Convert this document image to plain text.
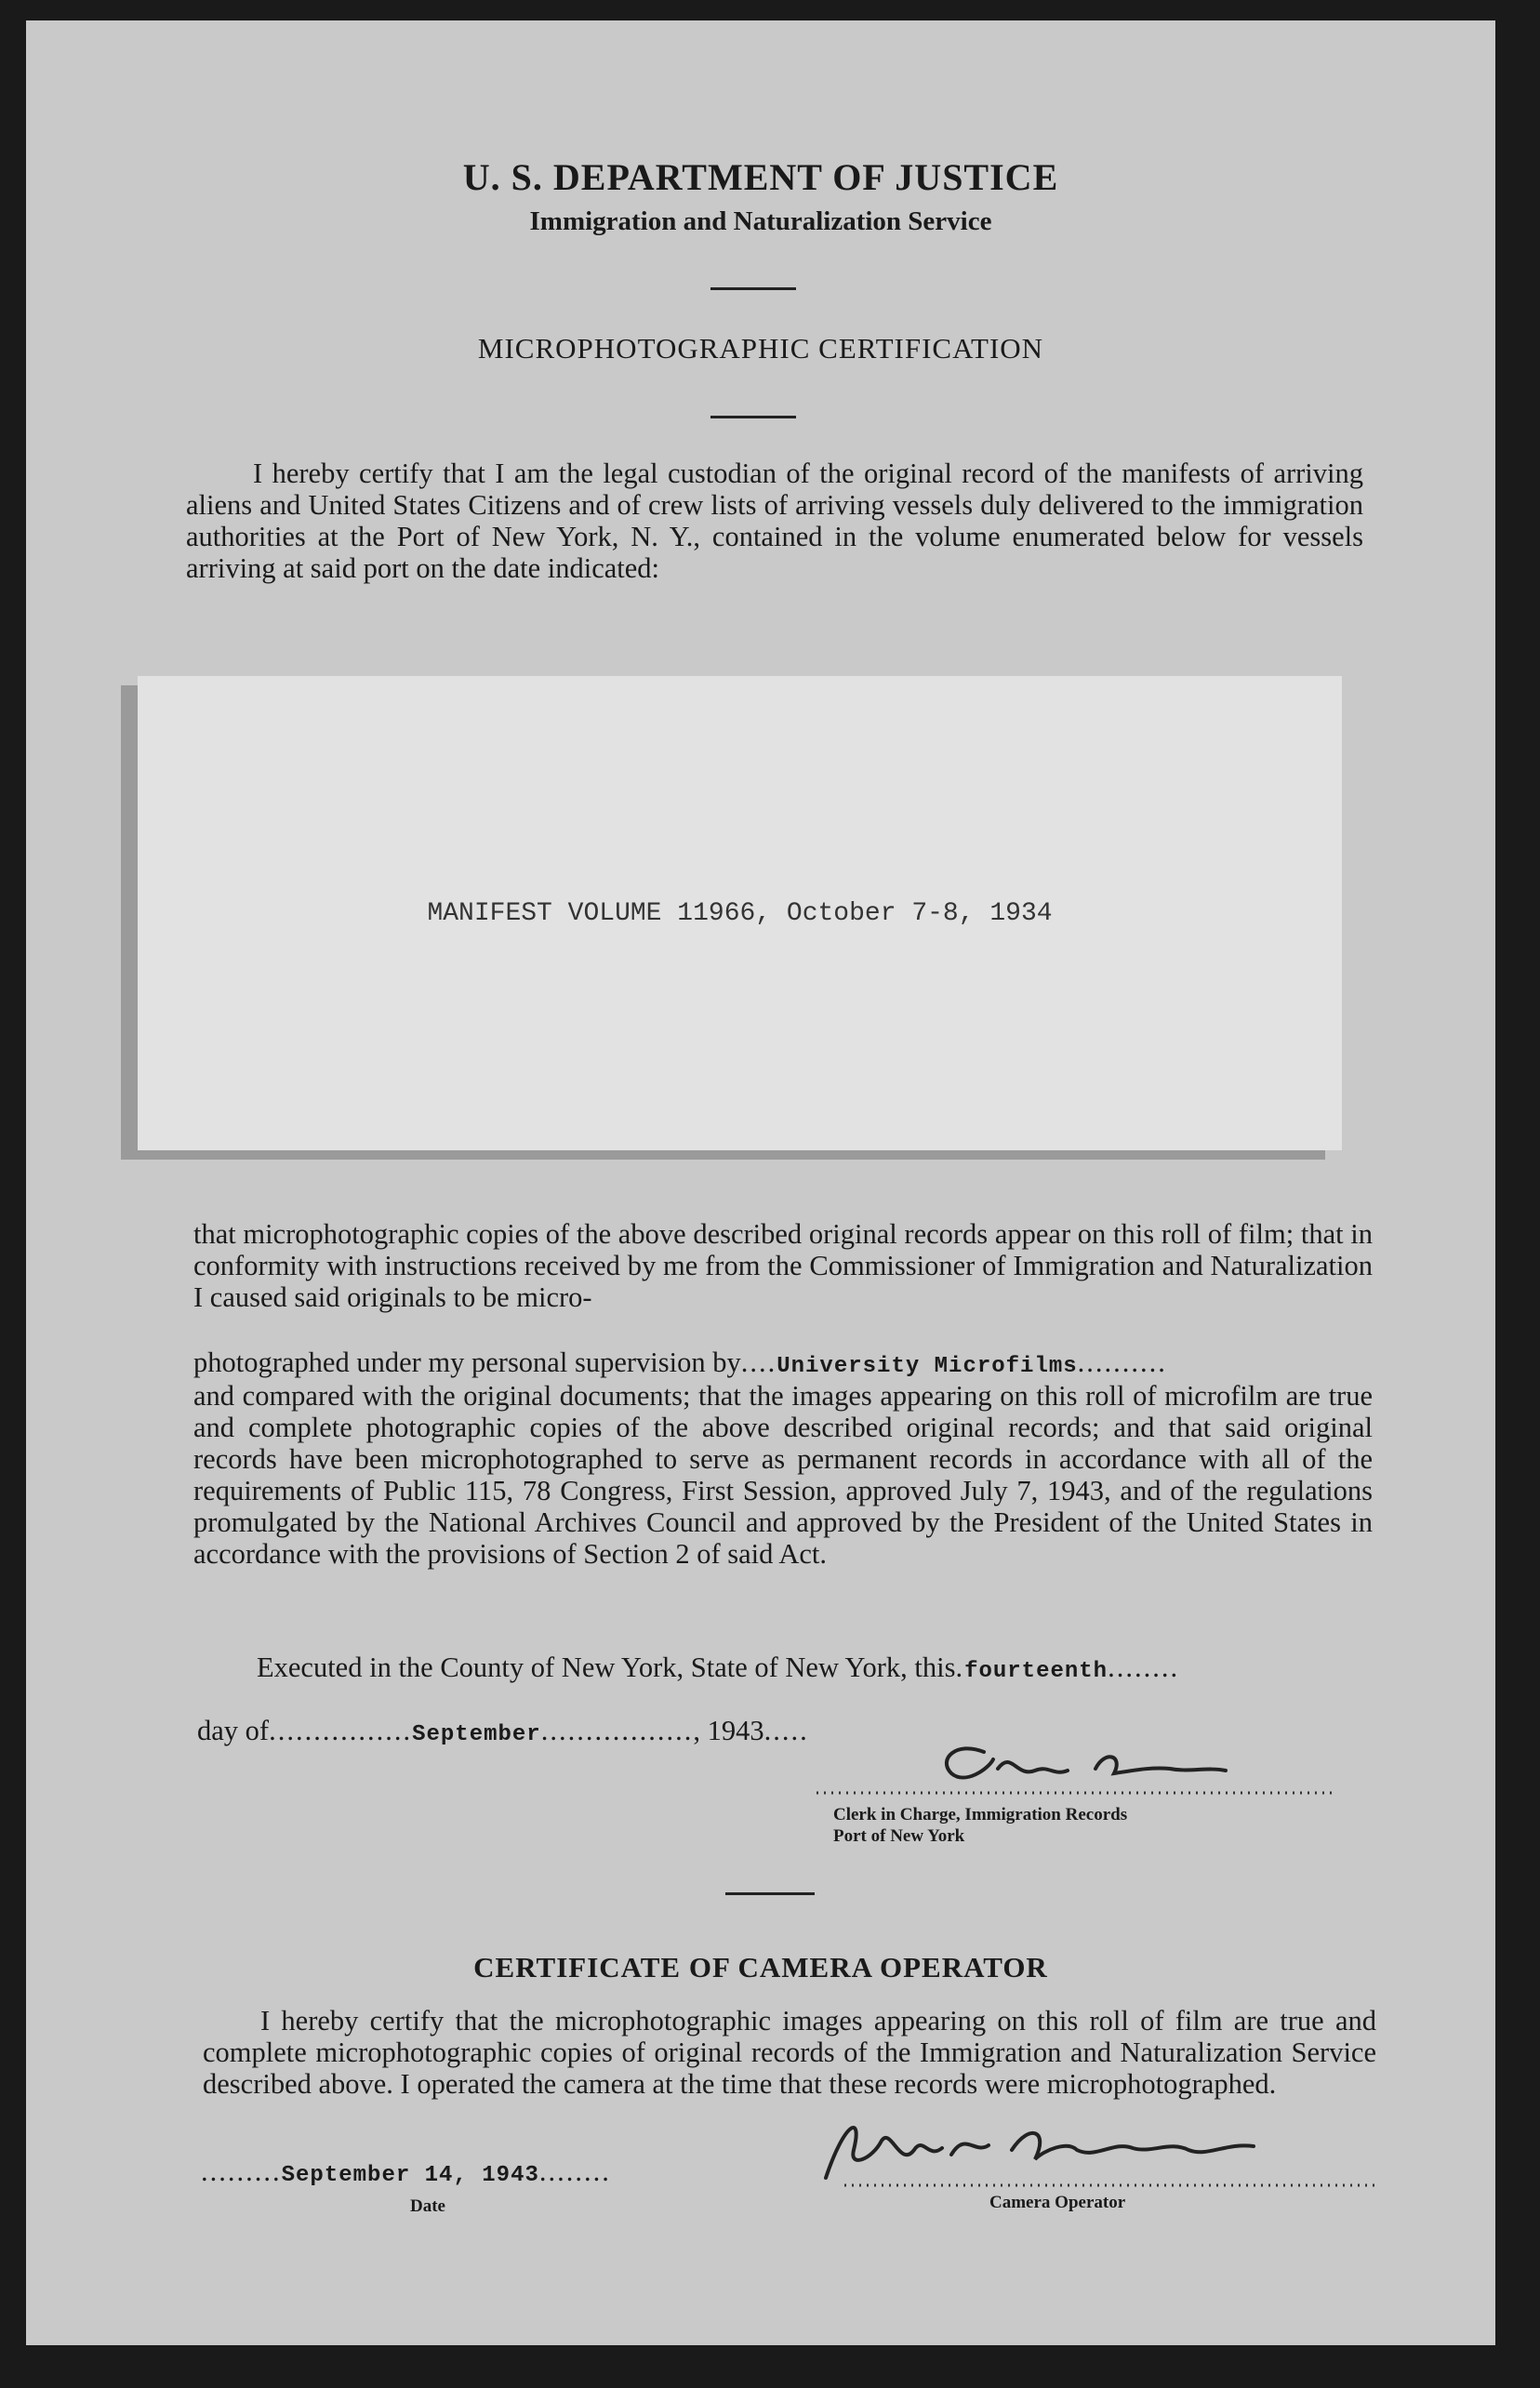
U. S. DEPARTMENT OF JUSTICE
Immigration and Naturalization Service
MICROPHOTOGRAPHIC CERTIFICATION
I hereby certify that I am the legal custodian of the original record of the manifests of arriving aliens and United States Citizens and of crew lists of arriving vessels duly delivered to the immigration authorities at the Port of New York, N. Y., contained in the volume enumerated below for vessels arriving at said port on the date indicated:
MANIFEST VOLUME 11966, October 7-8, 1934
that microphotographic copies of the above described original records appear on this roll of film; that in conformity with instructions received by me from the Commissioner of Immigration and Naturalization I caused said originals to be micro-
photographed under my personal supervision by....University Microfilms..........
and compared with the original documents; that the images appearing on this roll of microfilm are true and complete photographic copies of the above described original records; and that said original records have been microphotographed to serve as permanent records in accordance with all of the requirements of Public 115, 78 Congress, First Session, approved July 7, 1943, and of the regulations promulgated by the National Archives Council and approved by the President of the United States in accordance with the provisions of Section 2 of said Act.
Executed in the County of New York, State of New York, this.fourteenth........
day of................September................., 1943.....
Clerk in Charge, Immigration Records
Port of New York
CERTIFICATE OF CAMERA OPERATOR
I hereby certify that the microphotographic images appearing on this roll of film are true and complete microphotographic copies of original records of the Immigration and Naturalization Service described above. I operated the camera at the time that these records were microphotographed.
.........September 14, 1943........
Date	Camera Operator
